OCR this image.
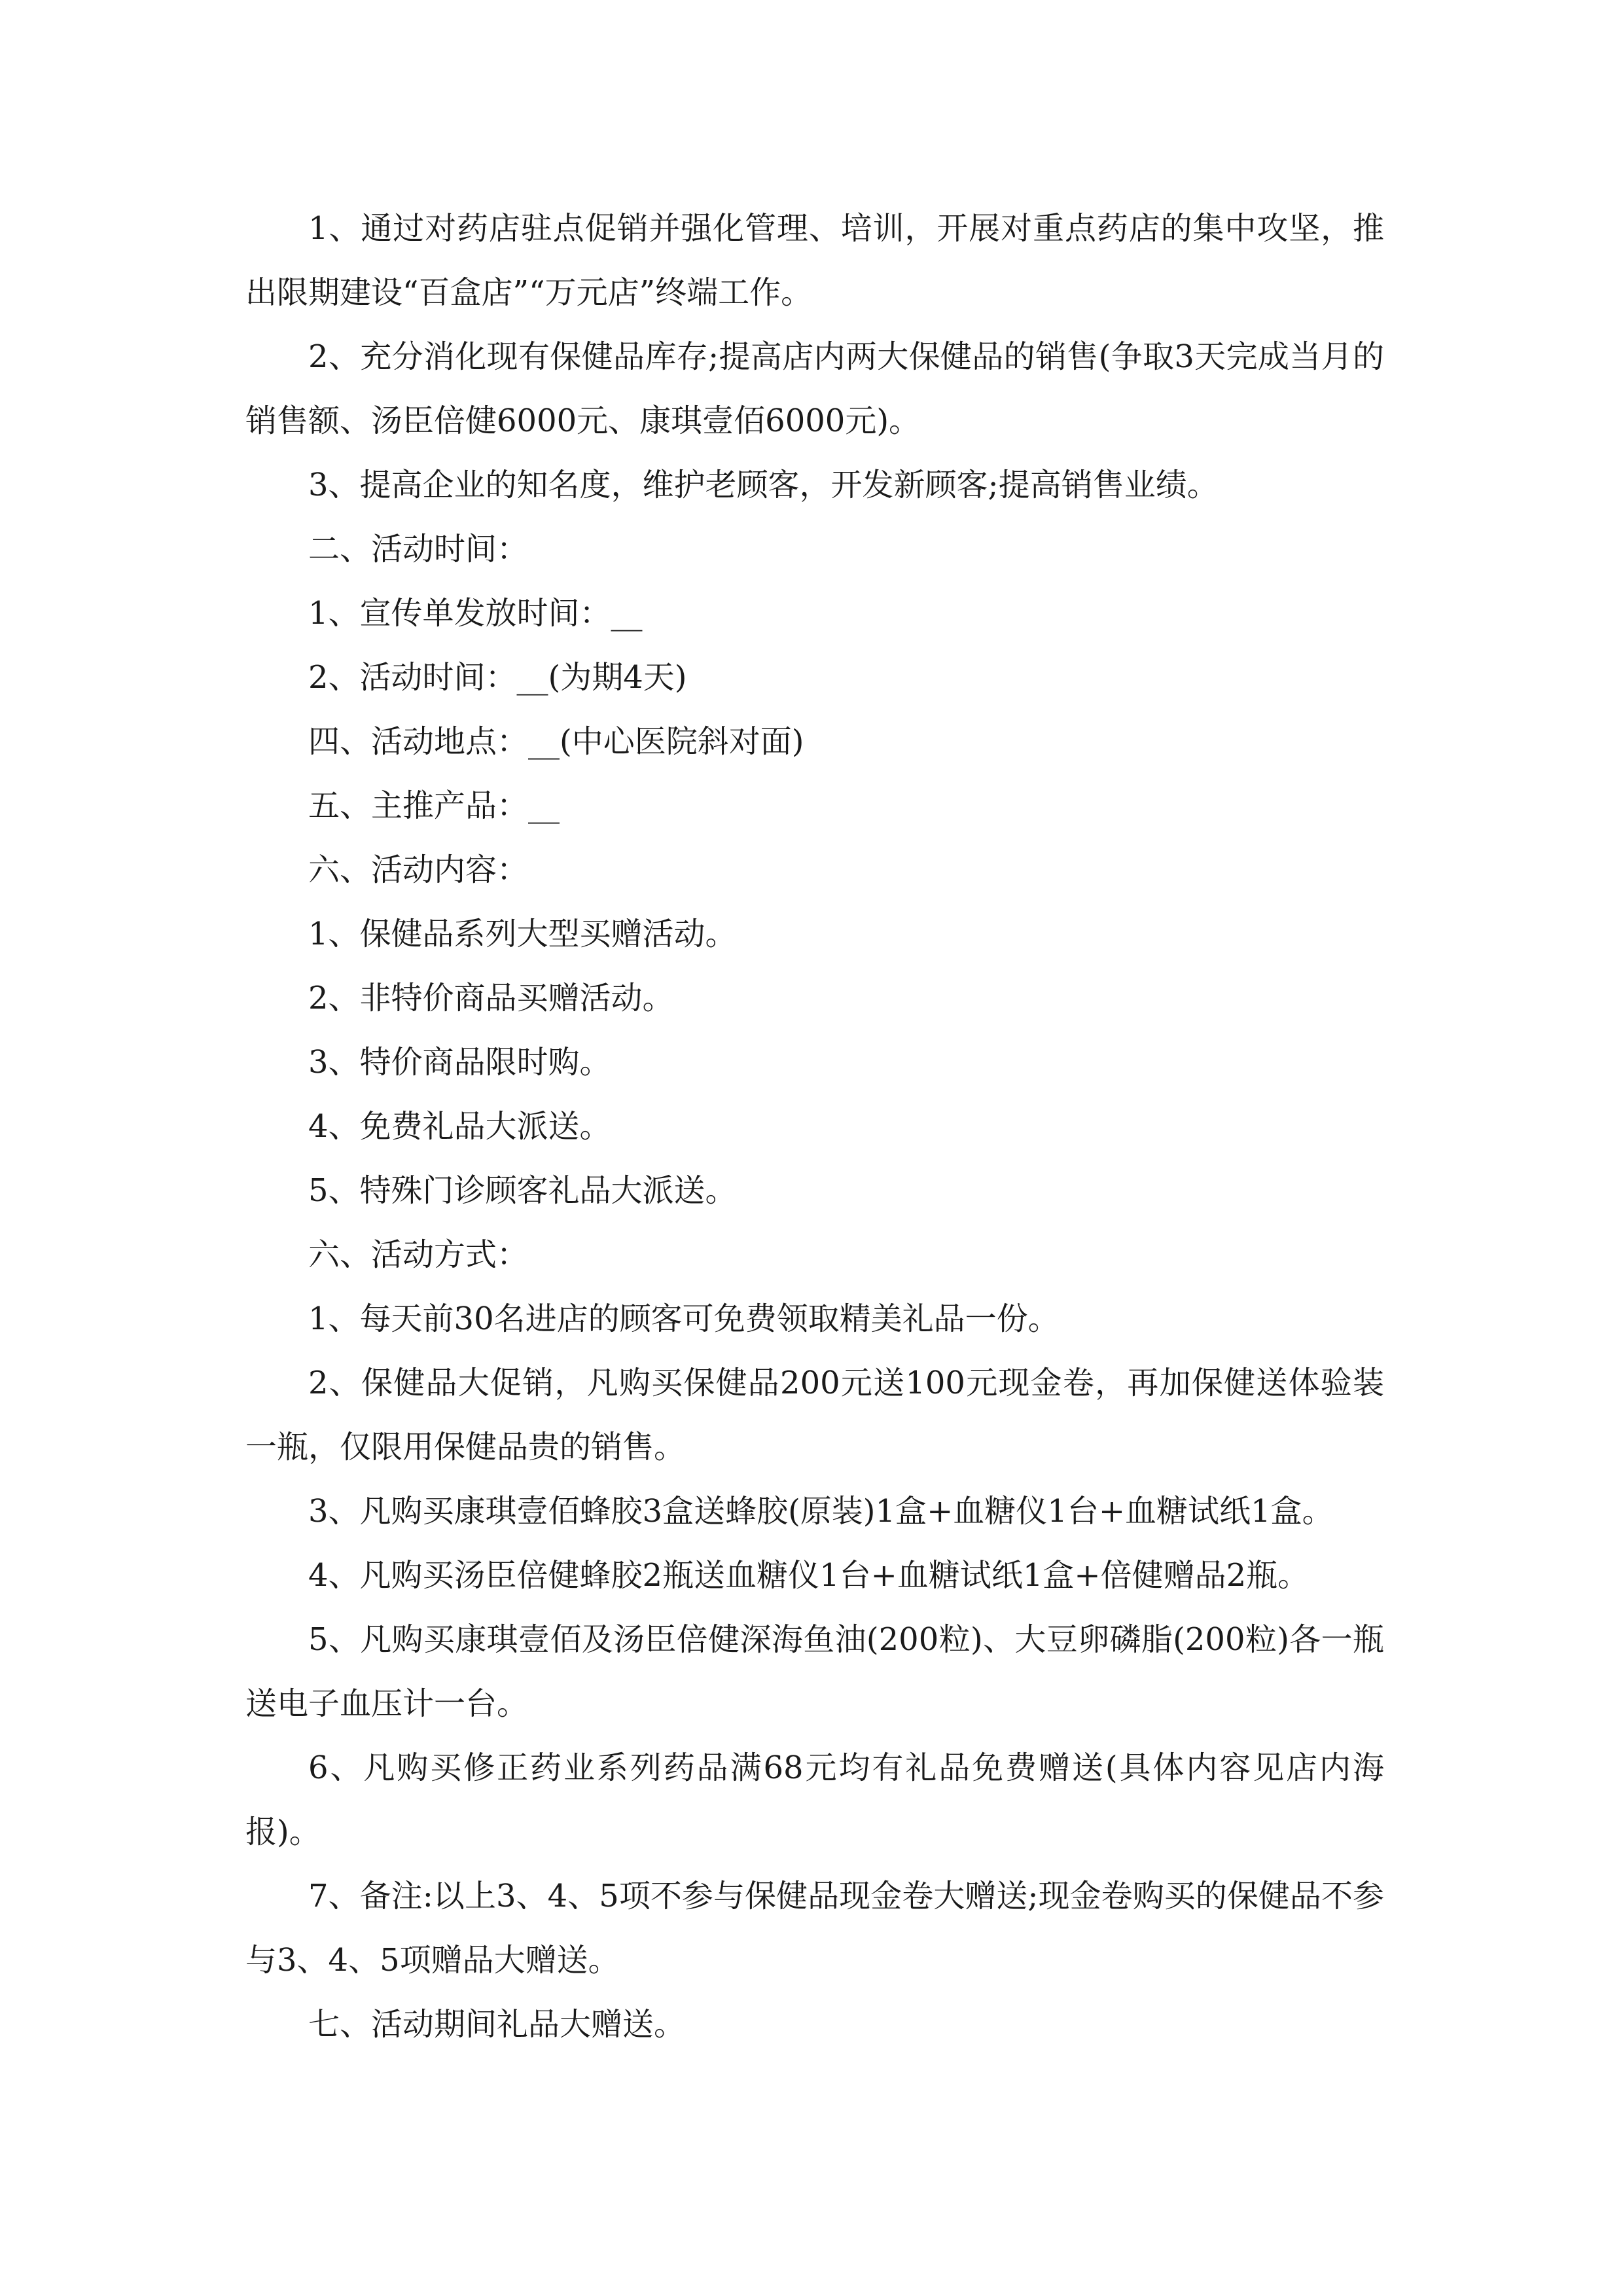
1、通过对药店驻点促销并强化管理、培训，开展对重点药店的集中攻坚，推出限期建设“百盒店”“万元店”终端工作。

2、充分消化现有保健品库存;提高店内两大保健品的销售(争取3天完成当月的销售额、汤臣倍健6000元、康琪壹佰6000元)。

3、提高企业的知名度，维护老顾客，开发新顾客;提高销售业绩。

二、活动时间：

1、宣传单发放时间：__

2、活动时间：__(为期4天)

四、活动地点：__(中心医院斜对面)

五、主推产品：__

六、活动内容：

1、保健品系列大型买赠活动。

2、非特价商品买赠活动。

3、特价商品限时购。

4、免费礼品大派送。

5、特殊门诊顾客礼品大派送。

六、活动方式：

1、每天前30名进店的顾客可免费领取精美礼品一份。

2、保健品大促销，凡购买保健品200元送100元现金卷，再加保健送体验装一瓶，仅限用保健品贵的销售。

3、凡购买康琪壹佰蜂胶3盒送蜂胶(原装)1盒+血糖仪1台+血糖试纸1盒。

4、凡购买汤臣倍健蜂胶2瓶送血糖仪1台+血糖试纸1盒+倍健赠品2瓶。

5、凡购买康琪壹佰及汤臣倍健深海鱼油(200粒)、大豆卵磷脂(200粒)各一瓶送电子血压计一台。

6、凡购买修正药业系列药品满68元均有礼品免费赠送(具体内容见店内海报)。

7、备注:以上3、4、5项不参与保健品现金卷大赠送;现金卷购买的保健品不参与3、4、5项赠品大赠送。

七、活动期间礼品大赠送。
